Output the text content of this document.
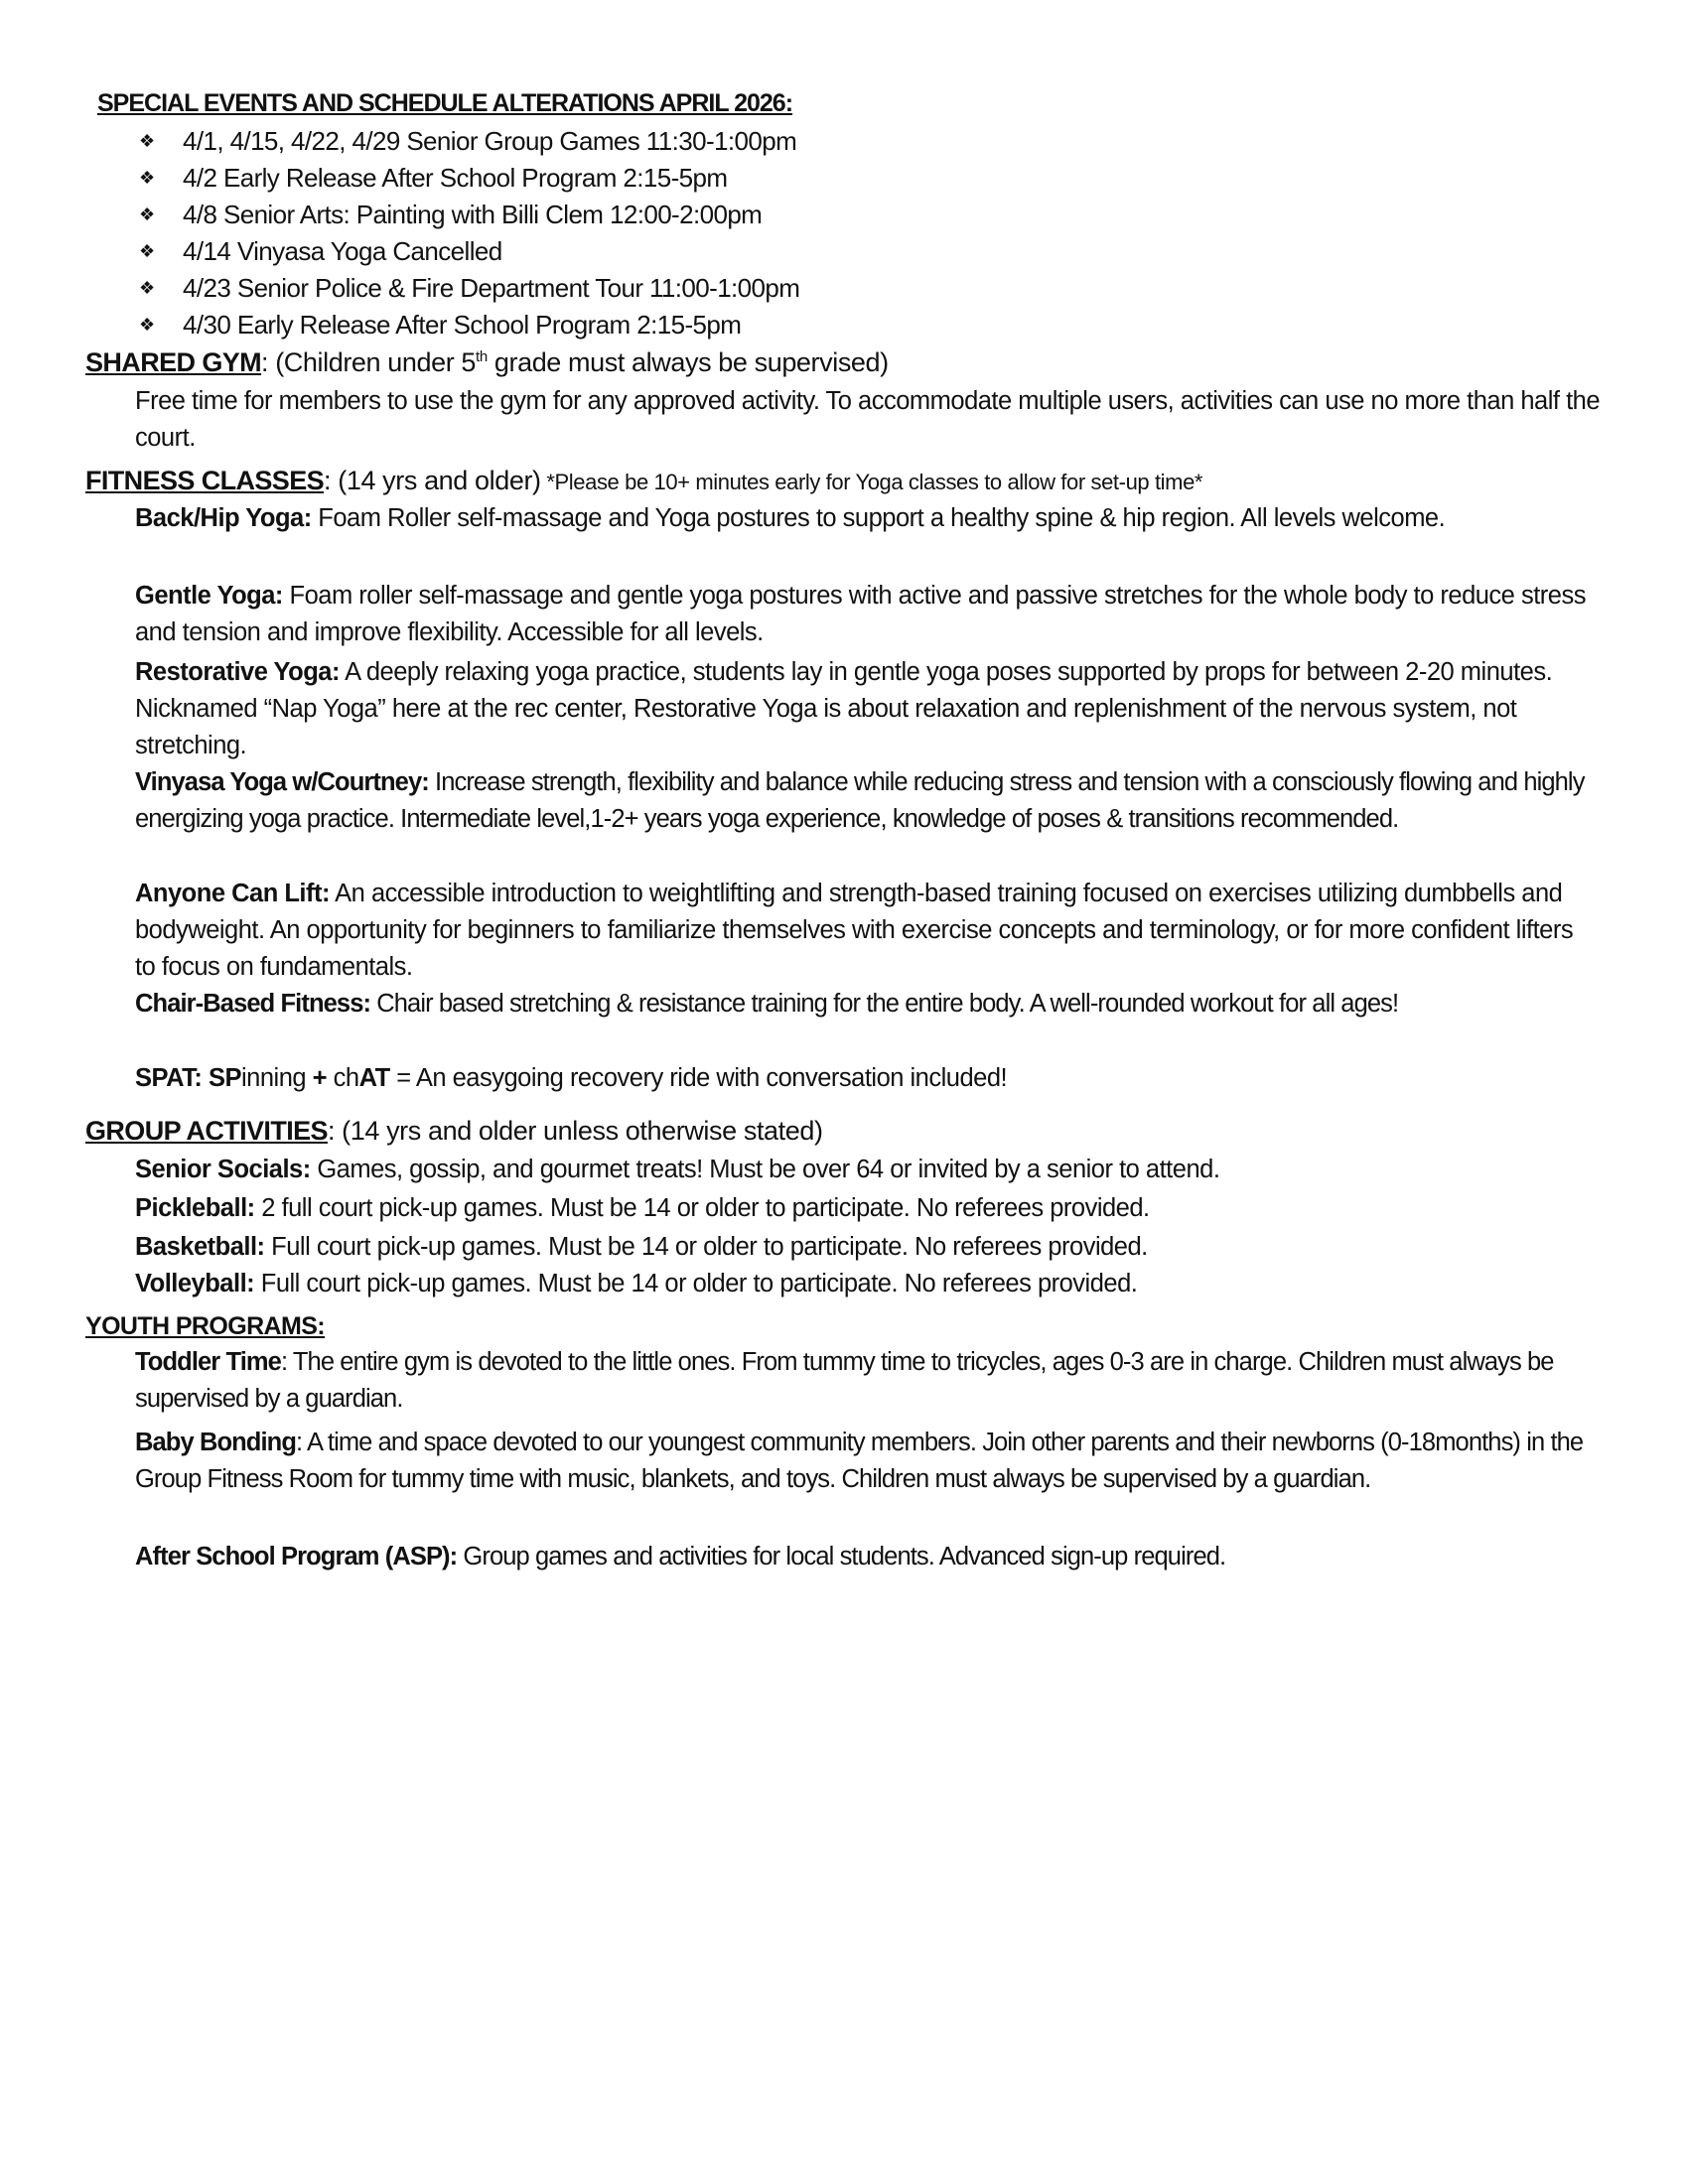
SPECIAL EVENTS AND SCHEDULE ALTERATIONS APRIL 2026:
❖	4/1, 4/15, 4/22, 4/29 Senior Group Games 11:30-1:00pm
❖	4/2 Early Release After School Program 2:15-5pm
❖	4/8 Senior Arts: Painting with Billi Clem 12:00-2:00pm
❖	4/14 Vinyasa Yoga Cancelled
❖	4/23 Senior Police & Fire Department Tour 11:00-1:00pm
❖	4/30 Early Release After School Program 2:15-5pm
SHARED GYM: (Children under 5th grade must always be supervised)

Free time for members to use the gym for any approved activity. To accommodate multiple users, activities can use no more than half the court.

FITNESS CLASSES: (14 yrs and older) *Please be 10+ minutes early for Yoga classes to allow for set-up time*

Back/Hip Yoga: Foam Roller self-massage and Yoga postures to support a healthy spine & hip region. All levels welcome.

Gentle Yoga: Foam roller self-massage and gentle yoga postures with active and passive stretches for the whole body to reduce stress and tension and improve flexibility. Accessible for all levels.

Restorative Yoga: A deeply relaxing yoga practice, students lay in gentle yoga poses supported by props for between 2-20 minutes. Nicknamed “Nap Yoga” here at the rec center, Restorative Yoga is about relaxation and replenishment of the nervous system, not stretching.

Vinyasa Yoga w/Courtney: Increase strength, flexibility and balance while reducing stress and tension with a consciously flowing and highly energizing yoga practice. Intermediate level,1-2+ years yoga experience, knowledge of poses & transitions recommended.

Anyone Can Lift: An accessible introduction to weightlifting and strength-based training focused on exercises utilizing dumbbells and bodyweight. An opportunity for beginners to familiarize themselves with exercise concepts and terminology, or for more confident lifters to focus on fundamentals.

Chair-Based Fitness: Chair based stretching & resistance training for the entire body. A well-rounded workout for all ages!

SPAT: SPinning + chAT = An easygoing recovery ride with conversation included!

GROUP ACTIVITIES: (14 yrs and older unless otherwise stated)

Senior Socials: Games, gossip, and gourmet treats! Must be over 64 or invited by a senior to attend.

Pickleball: 2 full court pick-up games. Must be 14 or older to participate. No referees provided.

Basketball: Full court pick-up games. Must be 14 or older to participate. No referees provided.

Volleyball: Full court pick-up games. Must be 14 or older to participate. No referees provided.

YOUTH PROGRAMS:

Toddler Time: The entire gym is devoted to the little ones. From tummy time to tricycles, ages 0-3 are in charge. Children must always be supervised by a guardian.

Baby Bonding: A time and space devoted to our youngest community members. Join other parents and their newborns (0-18months) in the Group Fitness Room for tummy time with music, blankets, and toys. Children must always be supervised by a guardian.

After School Program (ASP): Group games and activities for local students. Advanced sign-up required.
